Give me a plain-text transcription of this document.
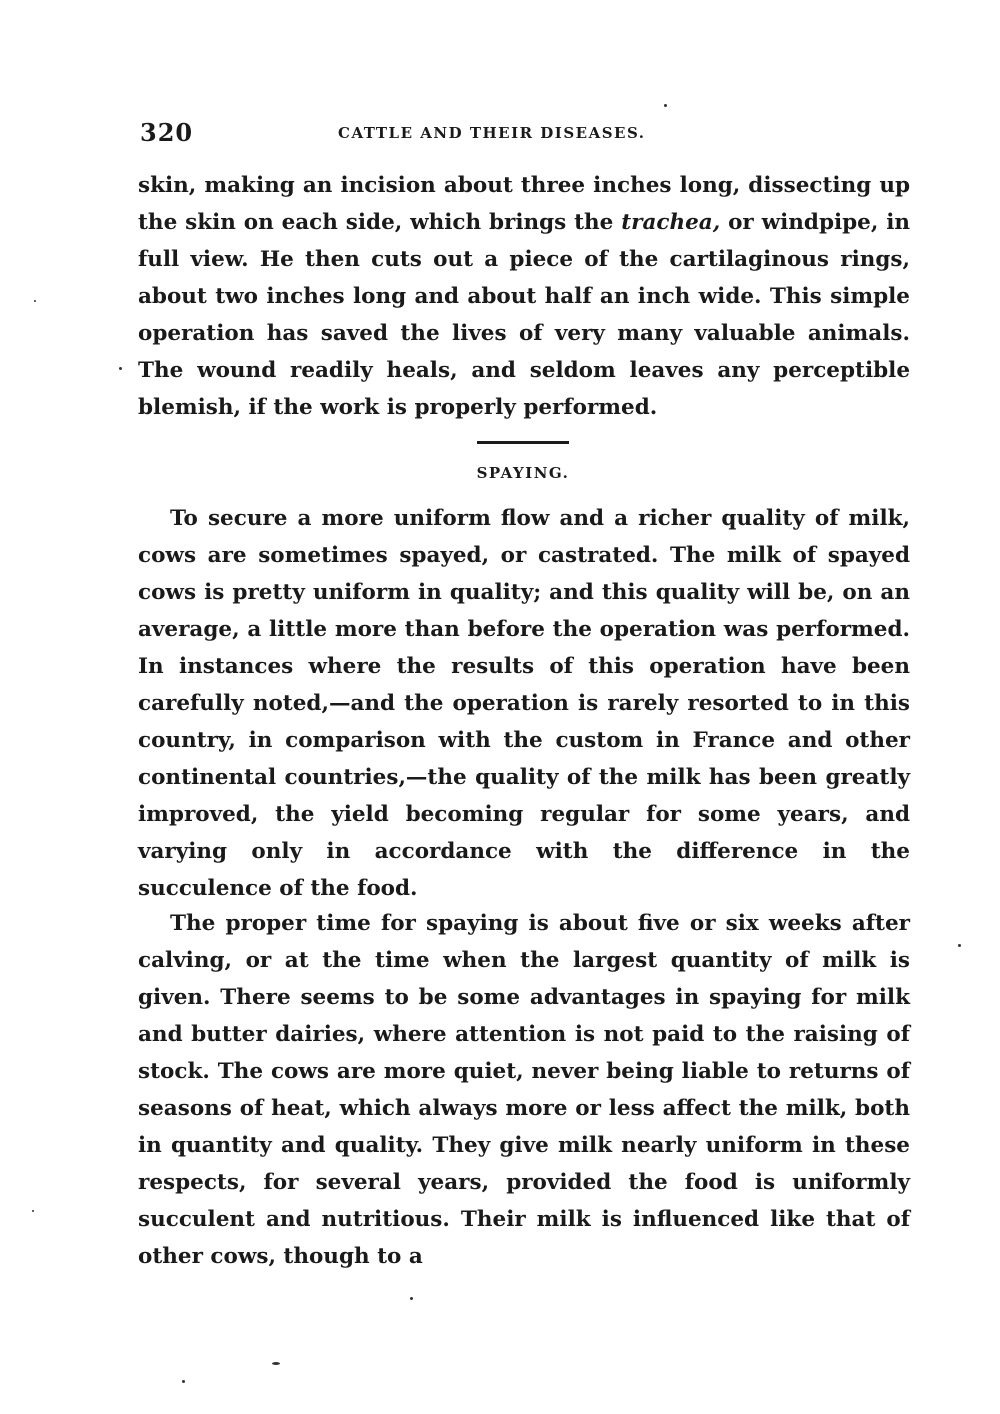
320	CATTLE AND THEIR DISEASES.

skin, making an incision about three inches long, dissecting up the skin on each side, which brings the trachea, or windpipe, in full view. He then cuts out a piece of the cartilaginous rings, about two inches long and about half an inch wide. This simple operation has saved the lives of very many valuable animals. The wound readily heals, and seldom leaves any perceptible blemish, if the work is properly performed.

SPAYING.

To secure a more uniform flow and a richer quality of milk, cows are sometimes spayed, or castrated. The milk of spayed cows is pretty uniform in quality; and this quality will be, on an average, a little more than before the operation was performed. In instances where the results of this operation have been carefully noted,—and the operation is rarely resorted to in this country, in comparison with the custom in France and other continental countries,—the quality of the milk has been greatly improved, the yield becoming regular for some years, and varying only in accordance with the difference in the succulence of the food.

The proper time for spaying is about five or six weeks after calving, or at the time when the largest quantity of milk is given. There seems to be some advantages in spaying for milk and butter dairies, where attention is not paid to the raising of stock. The cows are more quiet, never being liable to returns of seasons of heat, which always more or less affect the milk, both in quantity and quality. They give milk nearly uniform in these respects, for several years, provided the food is uniformly succulent and nutritious. Their milk is influenced like that of other cows, though to a
